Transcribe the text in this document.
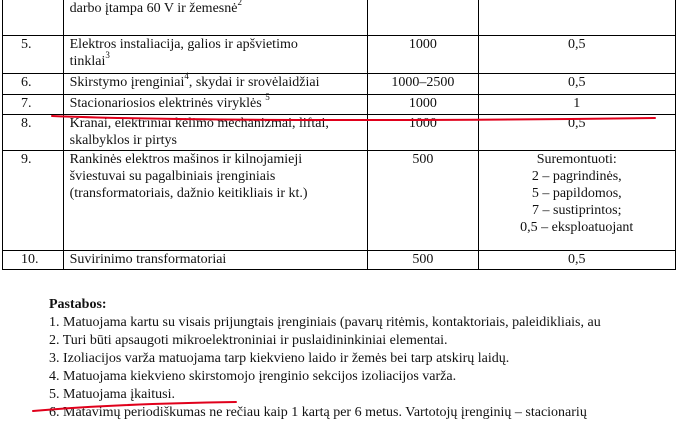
	darbo įtampa 60 V ir žemesnė$^2$

5.	Elektros instaliacija, galios ir apšvietimo
tinklai$^3$	1000	0,5
6.	Skirstymo įrenginiai$^4$, skydai ir srovėlaidžiai	1000–2500	0,5
7.	Stacionariosios elektrinės viryklės $^5$	1000	1
8.	Kranai, elektriniai kėlimo mechanizmai, liftai,
skalbyklos ir pirtys	1000	0,5
9.	Rankinės elektros mašinos ir kilnojamieji
šviestuvai su pagalbiniais įrenginiais
(transformatoriais, dažnio keitikliais ir kt.)	500	Suremontuoti:
2 – pagrindinės,
5 – papildomos,
7 – sustiprintos;
0,5 – eksploatuojant

10.	Suvirinimo transformatoriai	500	0,5
Pastabos:
1. Matuojama kartu su visais prijungtais įrenginiais (pavarų ritėmis, kontaktoriais, paleidikliais, au
2. Turi būti apsaugoti mikroelektroniniai ir puslaidininkiniai elementai.
3. Izoliacijos varža matuojama tarp kiekvieno laido ir žemės bei tarp atskirų laidų.
4. Matuojama kiekvieno skirstomojo įrenginio sekcijos izoliacijos varža.
5. Matuojama įkaitusi.
6. Matavimų periodiškumas ne rečiau kaip 1 kartą per 6 metus. Vartotojų įrenginių – stacionarių
